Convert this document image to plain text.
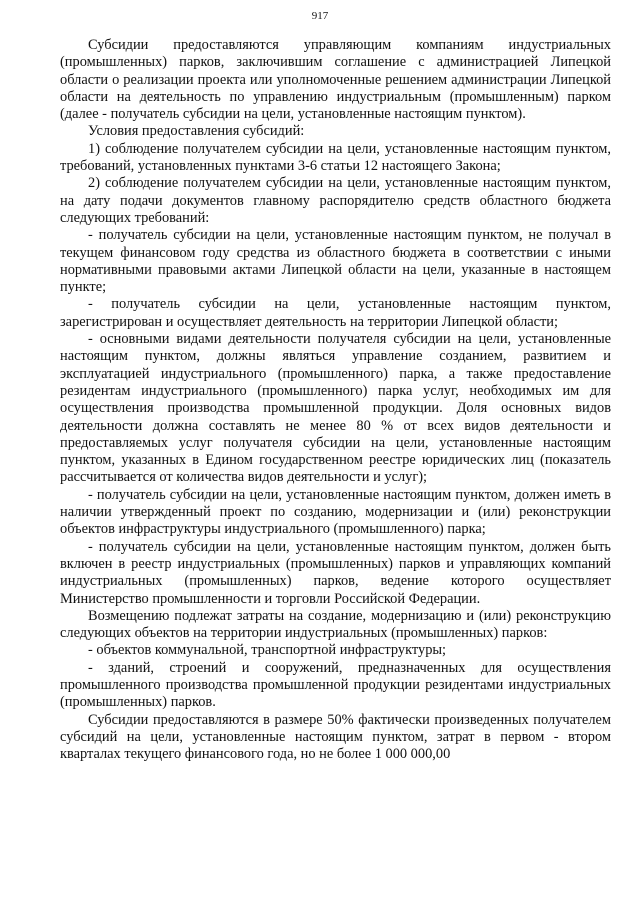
917

Субсидии предоставляются управляющим компаниям индустриальных (промышленных) парков, заключившим соглашение с администрацией Липецкой области о реализации проекта или уполномоченные решением администрации Липецкой области на деятельность по управлению индустриальным (промышленным) парком (далее - получатель субсидии на цели, установленные настоящим пунктом).

Условия предоставления субсидий:

1) соблюдение получателем субсидии на цели, установленные настоящим пунктом, требований, установленных пунктами 3-6 статьи 12 настоящего Закона;

2) соблюдение получателем субсидии на цели, установленные настоящим пунктом, на дату подачи документов главному распорядителю средств областного бюджета следующих требований:

- получатель субсидии на цели, установленные настоящим пунктом, не получал в текущем финансовом году средства из областного бюджета в соответствии с иными нормативными правовыми актами Липецкой области на цели, указанные в настоящем пункте;

- получатель субсидии на цели, установленные настоящим пунктом, зарегистрирован и осуществляет деятельность на территории Липецкой области;

- основными видами деятельности получателя субсидии на цели, установленные настоящим пунктом, должны являться управление созданием, развитием и эксплуатацией индустриального (промышленного) парка, а также предоставление резидентам индустриального (промышленного) парка услуг, необходимых им для осуществления производства промышленной продукции. Доля основных видов деятельности должна составлять не менее 80 % от всех видов деятельности и предоставляемых услуг получателя субсидии на цели, установленные настоящим пунктом, указанных в Едином государственном реестре юридических лиц (показатель рассчитывается от количества видов деятельности и услуг);

- получатель субсидии на цели, установленные настоящим пунктом, должен иметь в наличии утвержденный проект по созданию, модернизации и (или) реконструкции объектов инфраструктуры индустриального (промышленного) парка;

- получатель субсидии на цели, установленные настоящим пунктом, должен быть включен в реестр индустриальных (промышленных) парков и управляющих компаний индустриальных (промышленных) парков, ведение которого осуществляет Министерство промышленности и торговли Российской Федерации.

Возмещению подлежат затраты на создание, модернизацию и (или) реконструкцию следующих объектов на территории индустриальных (промышленных) парков:

- объектов коммунальной, транспортной инфраструктуры;

- зданий, строений и сооружений, предназначенных для осуществления промышленного производства промышленной продукции резидентами индустриальных (промышленных) парков.

Субсидии предоставляются в размере 50% фактически произведенных получателем субсидий на цели, установленные настоящим пунктом, затрат в первом - втором кварталах текущего финансового года, но не более 1 000 000,00
